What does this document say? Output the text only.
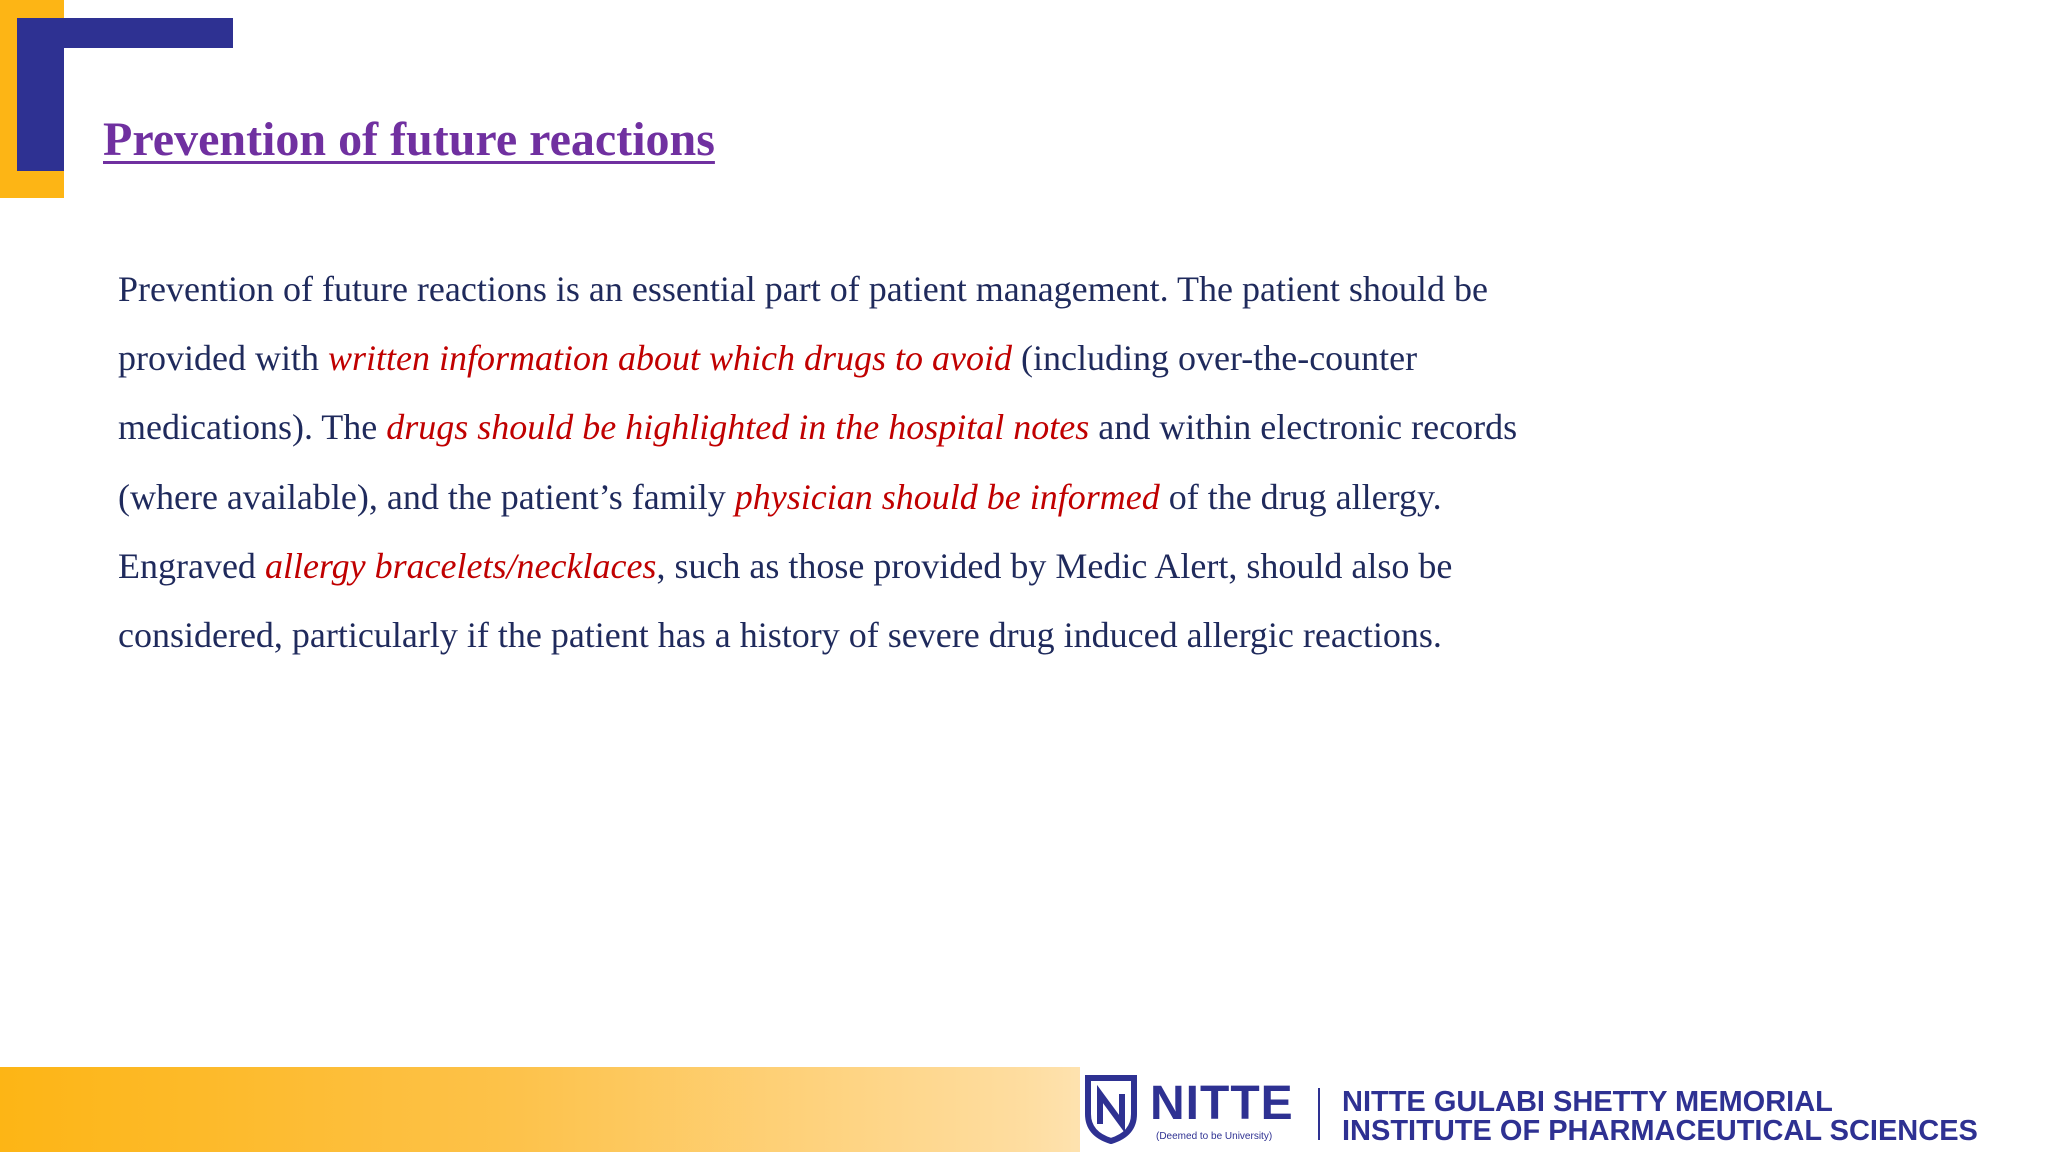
Prevention of future reactions

Prevention of future reactions is an essential part of patient management. The patient should be provided with written information about which drugs to avoid (including over-the-counter medications). The drugs should be highlighted in the hospital notes and within electronic records (where available), and the patient’s family physician should be informed of the drug allergy. Engraved allergy bracelets/necklaces, such as those provided by Medic Alert, should also be considered, particularly if the patient has a history of severe drug induced allergic reactions.

NITTE
(Deemed to be University)
NITTE GULABI SHETTY MEMORIAL
INSTITUTE OF PHARMACEUTICAL SCIENCES
